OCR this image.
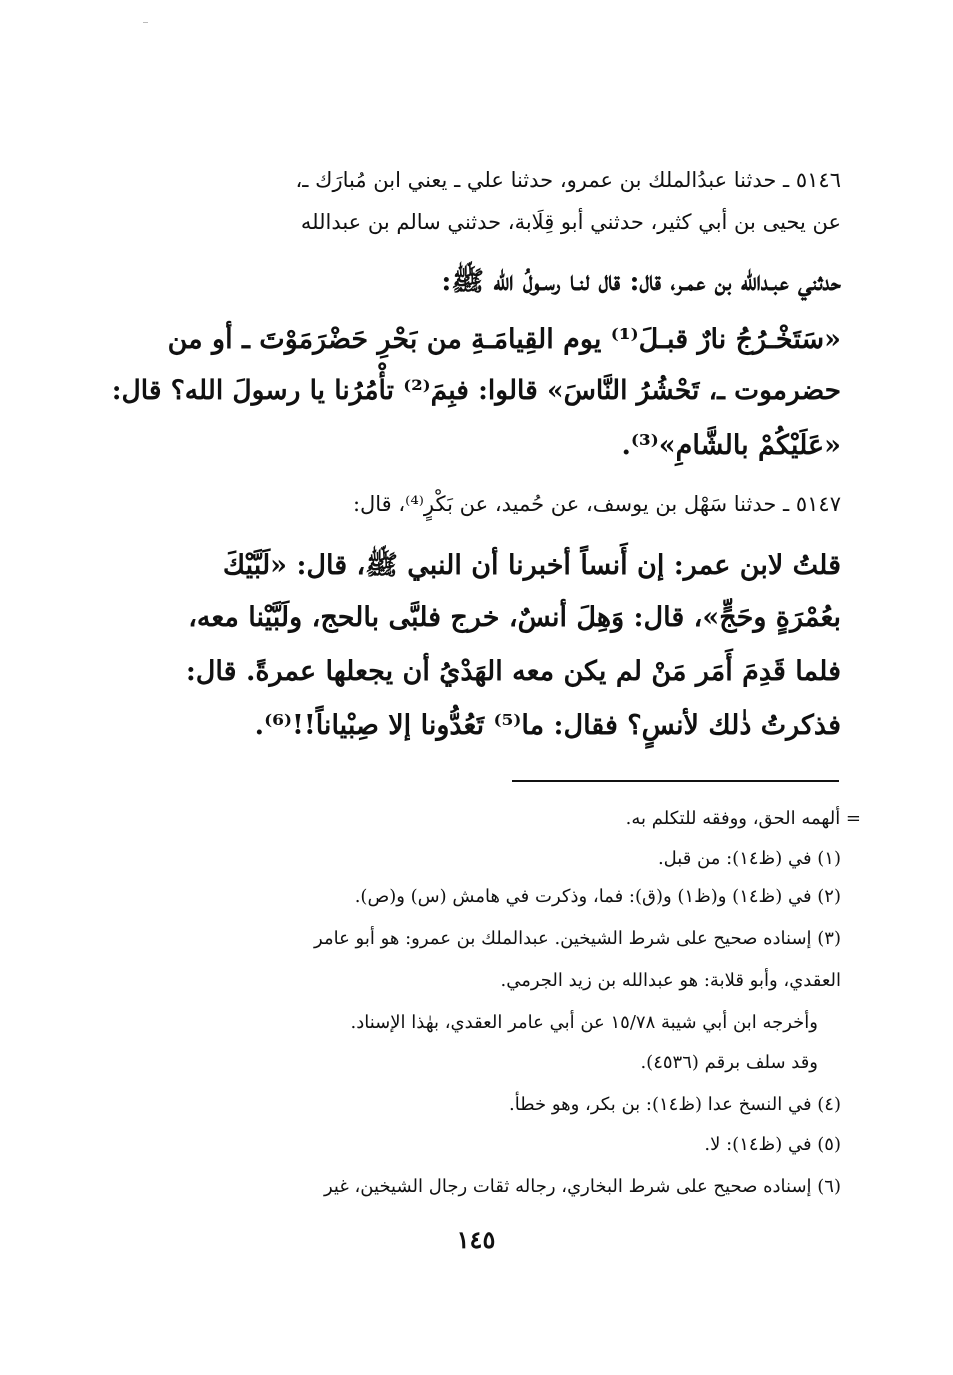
٥١٤٦ ـ حدثنا عبدُالملك بن عمرو، حدثنا علي ـ يعني ابن مُبارَك ـ،
عن يحيى بن أبي كثير، حدثني أبو قِلَابة، حدثني سالم بن عبدالله
حدثني عبـدالله بن عمـر، قال: قال لنـا رسـولُ الله ﷺ:
«سَتَخْـرُجُ نارٌ قبـلَ⁽¹⁾ يوم القِيامَـةِ من بَحْرِ حَضْرَمَوْتَ ـ أو من
حضرموت ـ، تَحْشُرُ النَّاسَ» قالوا: فبِمَ⁽²⁾ تأْمُرُنا يا رسولَ الله؟ قال:
«عَلَيْكُمْ بالشَّامِ»⁽³⁾.
٥١٤٧ ـ حدثنا سَهْل بن يوسف، عن حُميد، عن بَكْرٍ⁽⁴⁾، قال:
قلتُ لابن عمر: إن أَنساً أخبرنا أن النبي ﷺ، قال: «لَبَّيْكَ
بعُمْرَةٍ وحَجٍّ»، قال: وَهِلَ أنسٌ، خرج فلبَّى بالحج، ولَبَّيْنا معه،
فلما قَدِمَ أَمَر مَنْ لم يكن معه الهَدْيُ أن يجعلها عمرةً. قال:
فذكرتُ ذٰلك لأنسٍ؟ فقال: ما⁽⁵⁾ تَعُدُّونا إلا صِبْياناً!!⁽⁶⁾.
= ألهمه الحق، ووفقه للتكلم به.
(١) في (ظ١٤): من قبل.
(٢) في (ظ١٤) و(ظ١) و(ق): فما، وذكرت في هامش (س) و(ص).
(٣) إسناده صحيح على شرط الشيخين. عبدالملك بن عمرو: هو أبو عامر
العقدي، وأبو قلابة: هو عبدالله بن زيد الجرمي.
وأخرجه ابن أبي شيبة ١٥/٧٨ عن أبي عامر العقدي، بهٰذا الإسناد.
وقد سلف برقم (٤٥٣٦).
(٤) في النسخ عدا (ظ١٤): بن بكر، وهو خطأ.
(٥) في (ظ١٤): لا.
(٦) إسناده صحيح على شرط البخاري، رجاله ثقات رجال الشيخين، غير
١٤٥
